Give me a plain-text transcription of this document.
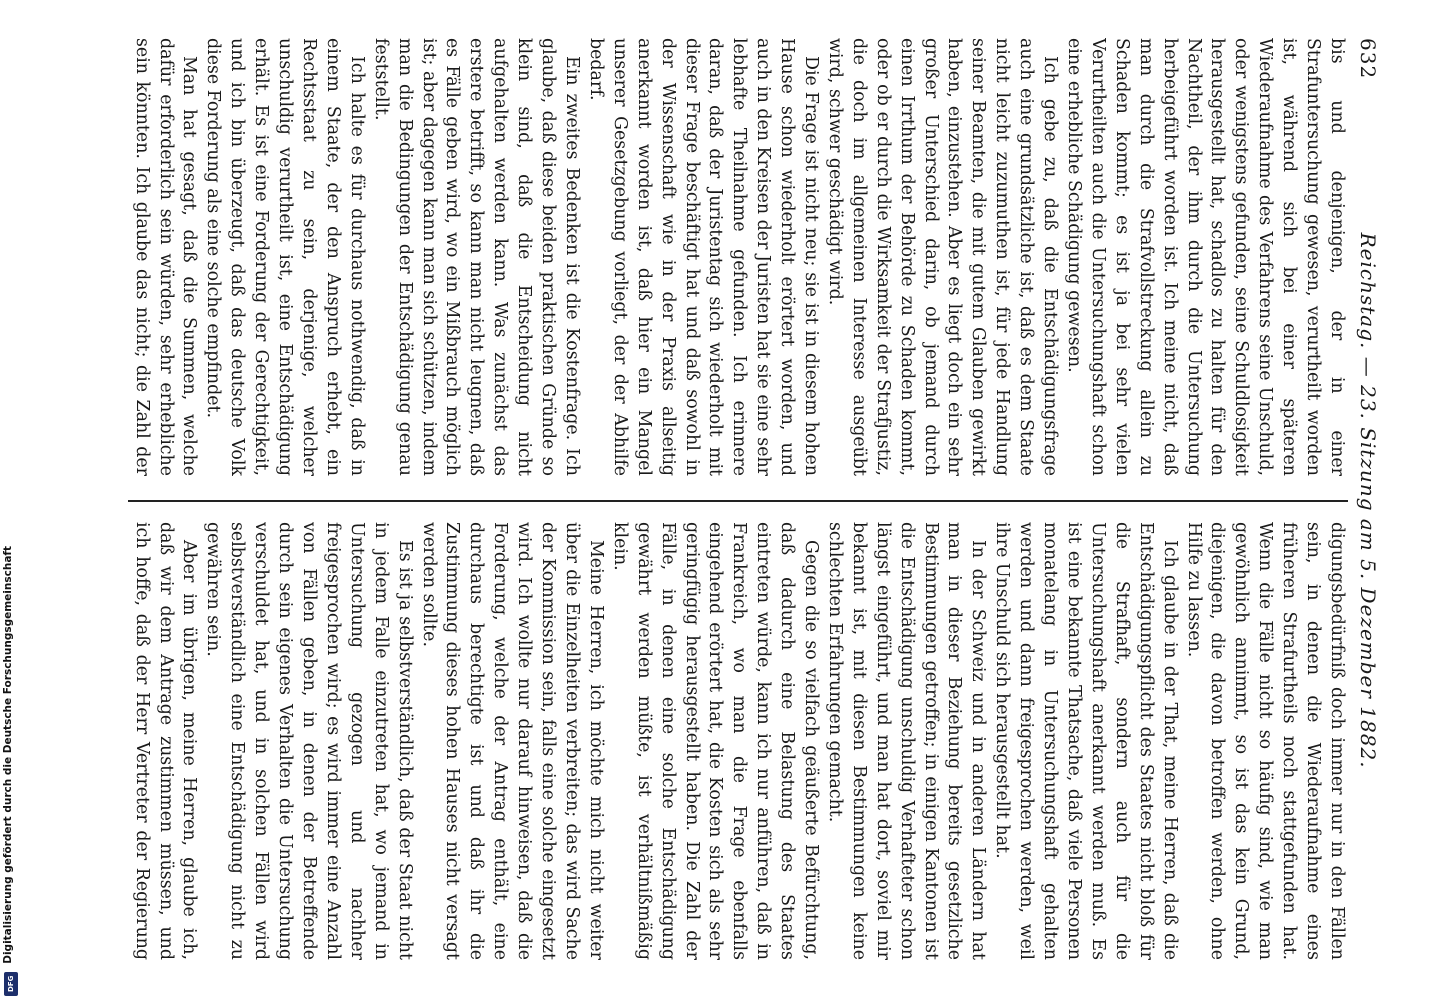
632
Reichstag. — 23. Sitzung am 5. Dezember 1882.

bis und denjenigen, der in einer Strafuntersuchung gewesen, verurtheilt worden ist, während sich bei einer späteren Wiederaufnahme des Verfahrens seine Unschuld, oder wenigstens gefunden, seine Schuldlosigkeit herausgestellt hat, schadlos zu halten für den Nachtheil, der ihm durch die Untersuchung herbeigeführt worden ist. Ich meine nicht, daß man durch die Strafvollstreckung allein zu Schaden kommt; es ist ja bei sehr vielen Verurtheilten auch die Untersuchungshaft schon eine erhebliche Schädigung gewesen.

Ich gebe zu, daß die Entschädigungsfrage auch eine grundsätzliche ist, daß es dem Staate nicht leicht zuzumuthen ist, für jede Handlung seiner Beamten, die mit gutem Glauben gewirkt haben, einzustehen. Aber es liegt doch ein sehr großer Unterschied darin, ob jemand durch einen Irrthum der Behörde zu Schaden kommt, oder ob er durch die Wirksamkeit der Strafjustiz, die doch im allgemeinen Interesse ausgeübt wird, schwer geschädigt wird.

Die Frage ist nicht neu; sie ist in diesem hohen Hause schon wiederholt erörtert worden, und auch in den Kreisen der Juristen hat sie eine sehr lebhafte Theilnahme gefunden. Ich erinnere daran, daß der Juristentag sich wiederholt mit dieser Frage beschäftigt hat und daß sowohl in der Wissenschaft wie in der Praxis allseitig anerkannt worden ist, daß hier ein Mangel unserer Gesetzgebung vorliegt, der der Abhilfe bedarf.

Ein zweites Bedenken ist die Kostenfrage. Ich glaube, daß diese beiden praktischen Gründe so klein sind, daß die Entscheidung nicht aufgehalten werden kann. Was zunächst das erstere betrifft, so kann man nicht leugnen, daß es Fälle geben wird, wo ein Mißbrauch möglich ist; aber dagegen kann man sich schützen, indem man die Bedingungen der Entschädigung genau feststellt.

Ich halte es für durchaus nothwendig, daß in einem Staate, der den Anspruch erhebt, ein Rechtsstaat zu sein, derjenige, welcher unschuldig verurtheilt ist, eine Entschädigung erhält. Es ist eine Forderung der Gerechtigkeit, und ich bin überzeugt, daß das deutsche Volk diese Forderung als eine solche empfindet.

Man hat gesagt, daß die Summen, welche dafür erforderlich sein würden, sehr erhebliche sein könnten. Ich glaube das nicht; die Zahl der

digungsbedürfniß doch immer nur in den Fällen sein, in denen die Wiederaufnahme eines früheren Strafurtheils noch stattgefunden hat. Wenn die Fälle nicht so häufig sind, wie man gewöhnlich annimmt, so ist das kein Grund, diejenigen, die davon betroffen werden, ohne Hilfe zu lassen.

Ich glaube in der That, meine Herren, daß die Entschädigungspflicht des Staates nicht bloß für die Strafhaft, sondern auch für die Untersuchungshaft anerkannt werden muß. Es ist eine bekannte Thatsache, daß viele Personen monatelang in Untersuchungshaft gehalten werden und dann freigesprochen werden, weil ihre Unschuld sich herausgestellt hat.

In der Schweiz und in anderen Ländern hat man in dieser Beziehung bereits gesetzliche Bestimmungen getroffen; in einigen Kantonen ist die Entschädigung unschuldig Verhafteter schon längst eingeführt, und man hat dort, soviel mir bekannt ist, mit diesen Bestimmungen keine schlechten Erfahrungen gemacht.

Gegen die so vielfach geäußerte Befürchtung, daß dadurch eine Belastung des Staates eintreten würde, kann ich nur anführen, daß in Frankreich, wo man die Frage ebenfalls eingehend erörtert hat, die Kosten sich als sehr geringfügig herausgestellt haben. Die Zahl der Fälle, in denen eine solche Entschädigung gewährt werden müßte, ist verhältnißmäßig klein.

Meine Herren, ich möchte mich nicht weiter über die Einzelheiten verbreiten; das wird Sache der Kommission sein, falls eine solche eingesetzt wird. Ich wollte nur darauf hinweisen, daß die Forderung, welche der Antrag enthält, eine durchaus berechtigte ist und daß ihr die Zustimmung dieses hohen Hauses nicht versagt werden sollte.

Es ist ja selbstverständlich, daß der Staat nicht in jedem Falle einzutreten hat, wo jemand in Untersuchung gezogen und nachher freigesprochen wird; es wird immer eine Anzahl von Fällen geben, in denen der Betreffende durch sein eigenes Verhalten die Untersuchung verschuldet hat, und in solchen Fällen wird selbstverständlich eine Entschädigung nicht zu gewähren sein.

Aber im übrigen, meine Herren, glaube ich, daß wir dem Antrage zustimmen müssen, und ich hoffe, daß der Herr Vertreter der Regierung

Digitalisierung gefördert durch die Deutsche Forschungsgemeinschaft
DFG
